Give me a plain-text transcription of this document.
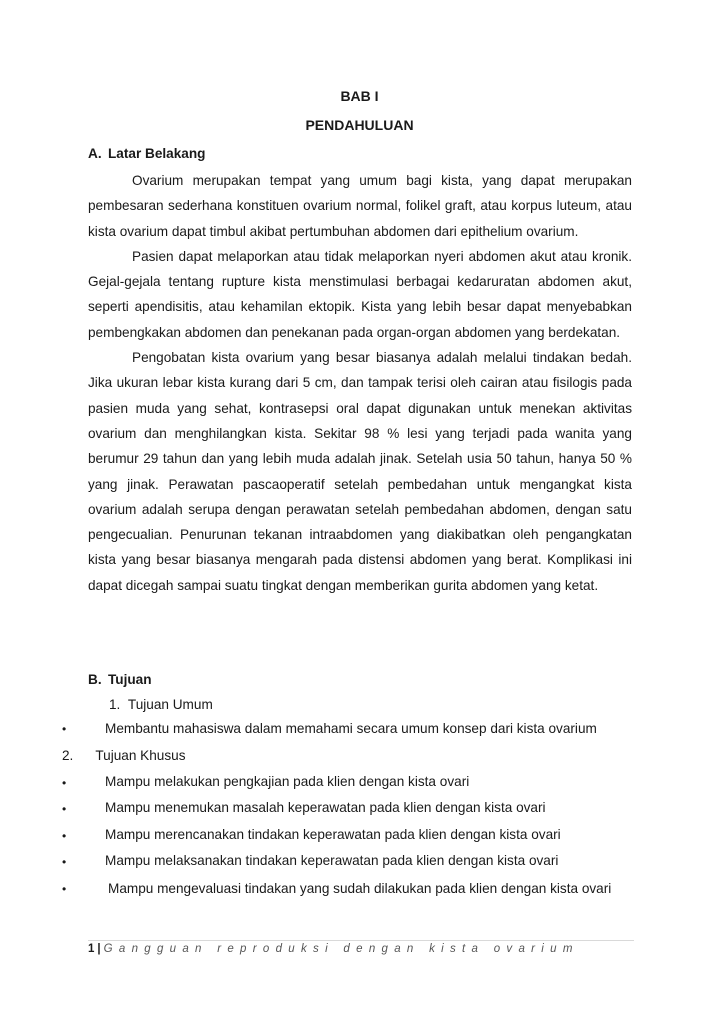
BAB I
PENDAHULUAN
A. Latar Belakang

Ovarium merupakan tempat yang umum bagi kista, yang dapat merupakan pembesaran sederhana konstituen ovarium normal, folikel graft, atau korpus luteum, atau kista ovarium dapat timbul akibat pertumbuhan abdomen dari epithelium ovarium.

Pasien dapat melaporkan atau tidak melaporkan nyeri abdomen akut atau kronik. Gejal-gejala tentang rupture kista menstimulasi berbagai kedaruratan abdomen akut, seperti apendisitis, atau kehamilan ektopik. Kista yang lebih besar dapat menyebabkan pembengkakan abdomen dan penekanan pada organ-organ abdomen yang berdekatan.

Pengobatan kista ovarium yang besar biasanya adalah melalui tindakan bedah. Jika ukuran lebar kista kurang dari 5 cm, dan tampak terisi oleh cairan atau fisilogis pada pasien muda yang sehat, kontrasepsi oral dapat digunakan untuk menekan aktivitas ovarium dan menghilangkan kista. Sekitar 98 % lesi yang terjadi pada wanita yang berumur 29 tahun dan yang lebih muda adalah jinak. Setelah usia 50 tahun, hanya 50 % yang jinak. Perawatan pascaoperatif setelah pembedahan untuk mengangkat kista ovarium adalah serupa dengan perawatan setelah pembedahan abdomen, dengan satu pengecualian. Penurunan tekanan intraabdomen yang diakibatkan oleh pengangkatan kista yang besar biasanya mengarah pada distensi abdomen yang berat. Komplikasi ini dapat dicegah sampai suatu tingkat dengan memberikan gurita abdomen yang ketat.

B. Tujuan
1. Tujuan Umum
•	Membantu mahasiswa dalam memahami secara umum konsep dari kista ovarium
2. Tujuan Khusus
•	Mampu melakukan pengkajian pada klien dengan kista ovari
•	Mampu menemukan masalah keperawatan pada klien dengan kista ovari
•	Mampu merencanakan tindakan keperawatan pada klien dengan kista ovari
•	Mampu melaksanakan tindakan keperawatan pada klien dengan kista ovari
•	Mampu mengevaluasi tindakan yang sudah dilakukan pada klien dengan kista ovari

1 | Gangguan reproduksi dengan kista ovarium
